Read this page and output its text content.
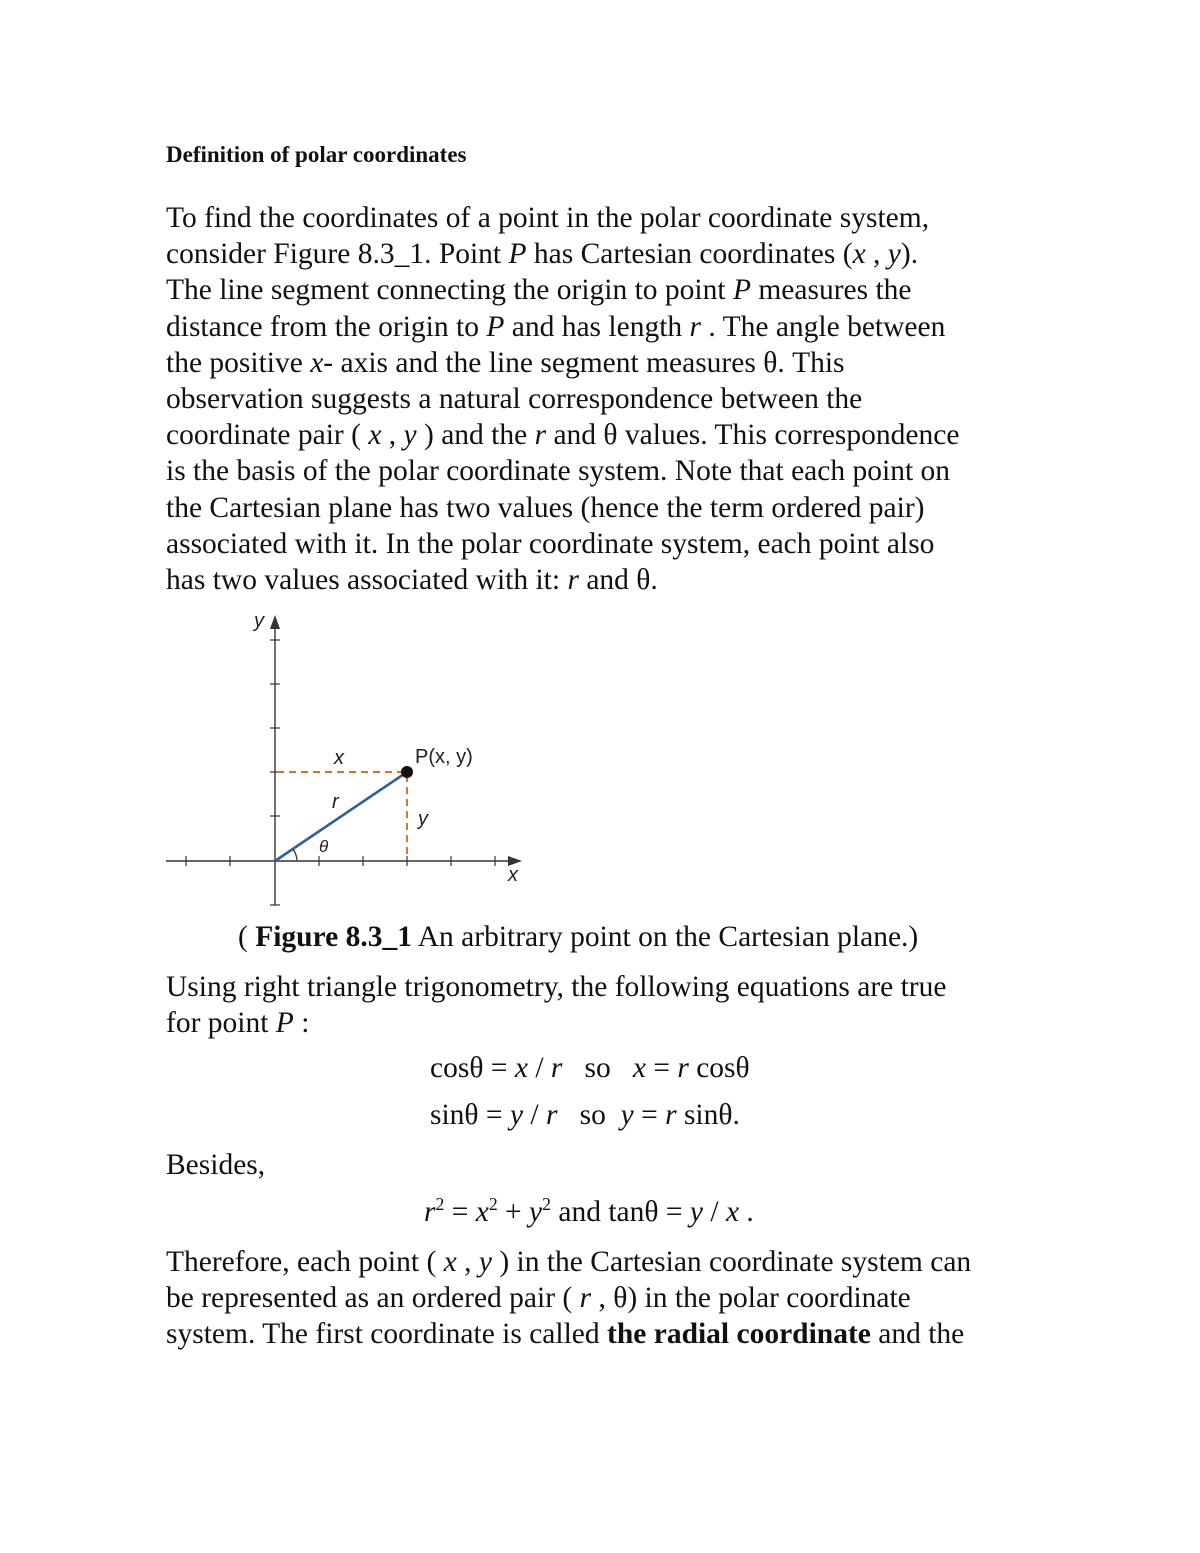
Definition of polar coordinates
To find the coordinates of a point in the polar coordinate system,
consider Figure 8.3_1. Point P has Cartesian coordinates (x , y).
The line segment connecting the origin to point P measures the
distance from the origin to P and has length r . The angle between
the positive x- axis and the line segment measures θ. This
observation suggests a natural correspondence between the
coordinate pair ( x , y ) and the r and θ values. This correspondence
is the basis of the polar coordinate system. Note that each point on
the Cartesian plane has two values (hence the term ordered pair)
associated with it. In the polar coordinate system, each point also
has two values associated with it: r and θ.
y
x
P(x, y)
x
y
r
θ
( Figure 8.3_1 An arbitrary point on the Cartesian plane.)
Using right triangle trigonometry, the following equations are true
for point P :
cosθ = x / r   so   x = r cosθ
sinθ = y / r   so  y = r sinθ.
Besides,
$r^2 = x^2 + y^2$ and tanθ = y / x .
Therefore, each point ( x , y ) in the Cartesian coordinate system can
be represented as an ordered pair ( r , θ) in the polar coordinate
system. The first coordinate is called the radial coordinate and the
